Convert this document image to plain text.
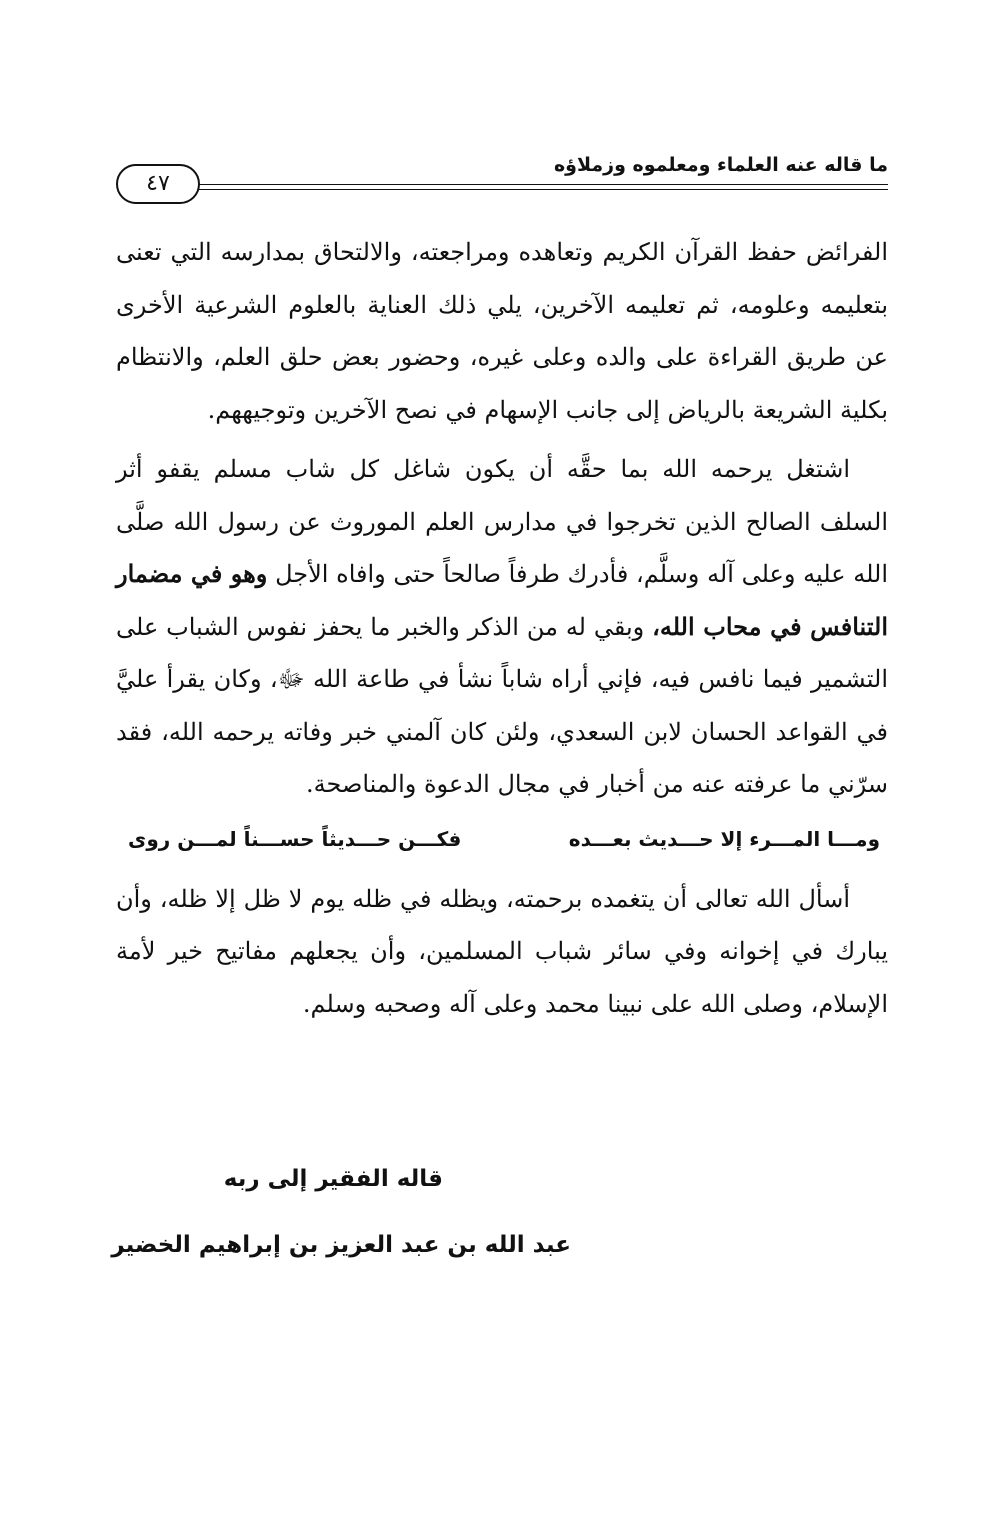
ما قاله عنه العلماء ومعلموه وزملاؤه
٤٧

الفرائض حفظ القرآن الكريم وتعاهده ومراجعته، والالتحاق بمدارسه التي تعنى بتعليمه وعلومه، ثم تعليمه الآخرين، يلي ذلك العناية بالعلوم الشرعية الأخرى عن طريق القراءة على والده وعلى غيره، وحضور بعض حلق العلم، والانتظام بكلية الشريعة بالرياض إلى جانب الإسهام في نصح الآخرين وتوجيههم.

اشتغل يرحمه الله بما حقَّه أن يكون شاغل كل شاب مسلم يقفو أثر السلف الصالح الذين تخرجوا في مدارس العلم الموروث عن رسول الله صلَّى الله عليه وعلى آله وسلَّم، فأدرك طرفاً صالحاً حتى وافاه الأجل وهو في مضمار التنافس في محاب الله، وبقي له من الذكر والخبر ما يحفز نفوس الشباب على التشمير فيما نافس فيه، فإني أراه شاباً نشأ في طاعة الله ﷻ، وكان يقرأ عليَّ في القواعد الحسان لابن السعدي، ولئن كان آلمني خبر وفاته يرحمه الله، فقد سرّني ما عرفته عنه من أخبار في مجال الدعوة والمناصحة.

ومـــا المـــرء إلا حـــديث بعـــده
فكـــن حـــديثاً حســـناً لمـــن روى

أسأل الله تعالى أن يتغمده برحمته، ويظله في ظله يوم لا ظل إلا ظله، وأن يبارك في إخوانه وفي سائر شباب المسلمين، وأن يجعلهم مفاتيح خير لأمة الإسلام، وصلى الله على نبينا محمد وعلى آله وصحبه وسلم.

قاله الفقير إلى ربه
عبد الله بن عبد العزيز بن إبراهيم الخضير
